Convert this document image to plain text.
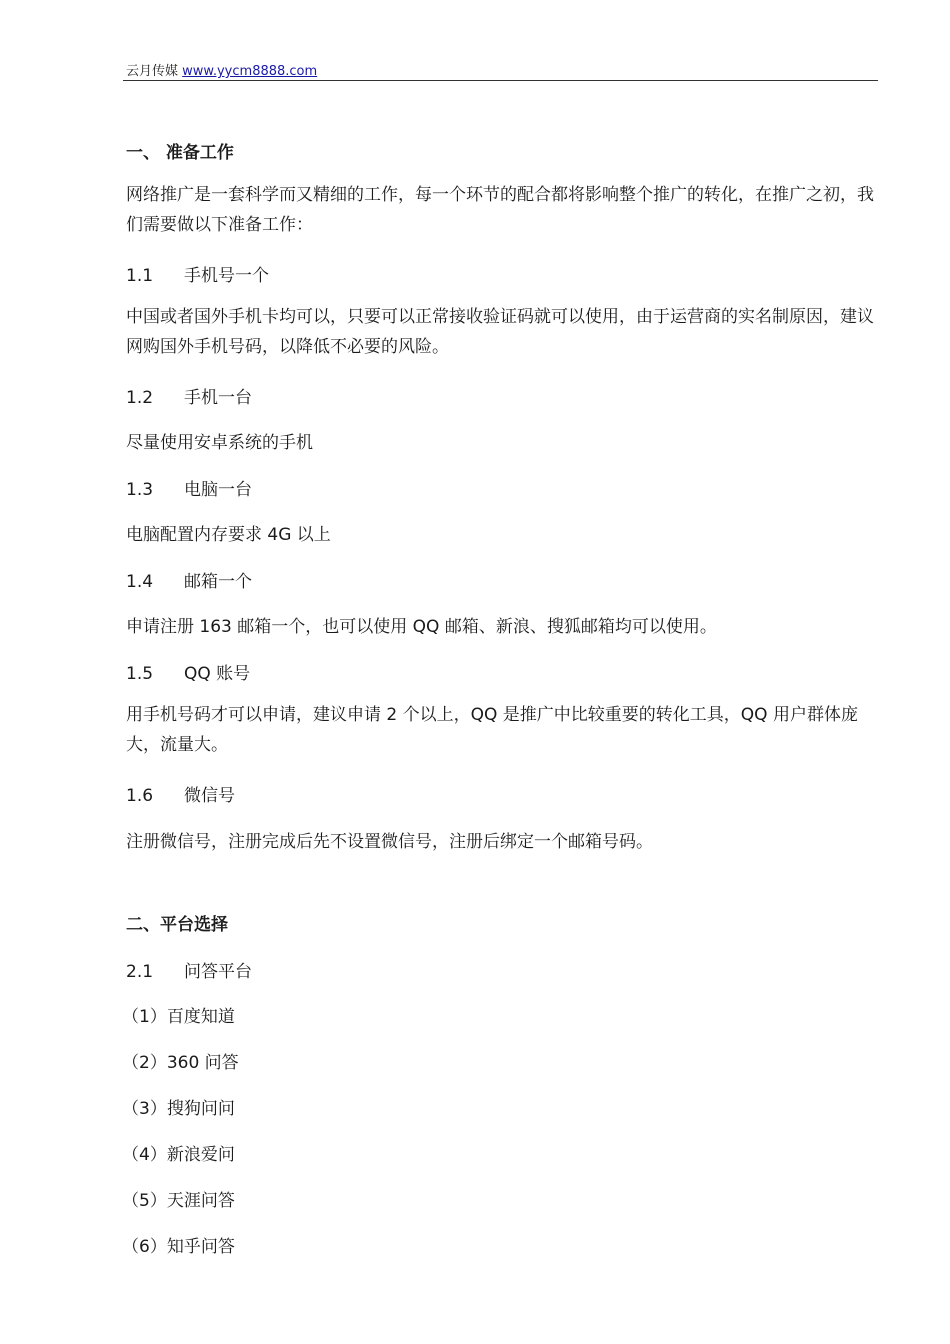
云月传媒 www.yycm8888.com
一、 准备工作
网络推广是一套科学而又精细的工作，每一个环节的配合都将影响整个推广的转化，在推广之初，我们需要做以下准备工作：
1.1 手机号一个
中国或者国外手机卡均可以，只要可以正常接收验证码就可以使用，由于运营商的实名制原因，建议网购国外手机号码，以降低不必要的风险。
1.2 手机一台
尽量使用安卓系统的手机
1.3 电脑一台
电脑配置内存要求 4G 以上
1.4 邮箱一个
申请注册 163 邮箱一个，也可以使用 QQ 邮箱、新浪、搜狐邮箱均可以使用。
1.5 QQ 账号
用手机号码才可以申请，建议申请 2 个以上，QQ 是推广中比较重要的转化工具，QQ 用户群体庞大，流量大。
1.6 微信号
注册微信号，注册完成后先不设置微信号，注册后绑定一个邮箱号码。
二、平台选择
2.1 问答平台
（1）百度知道
（2）360 问答
（3）搜狗问问
（4）新浪爱问
（5）天涯问答
（6）知乎问答
